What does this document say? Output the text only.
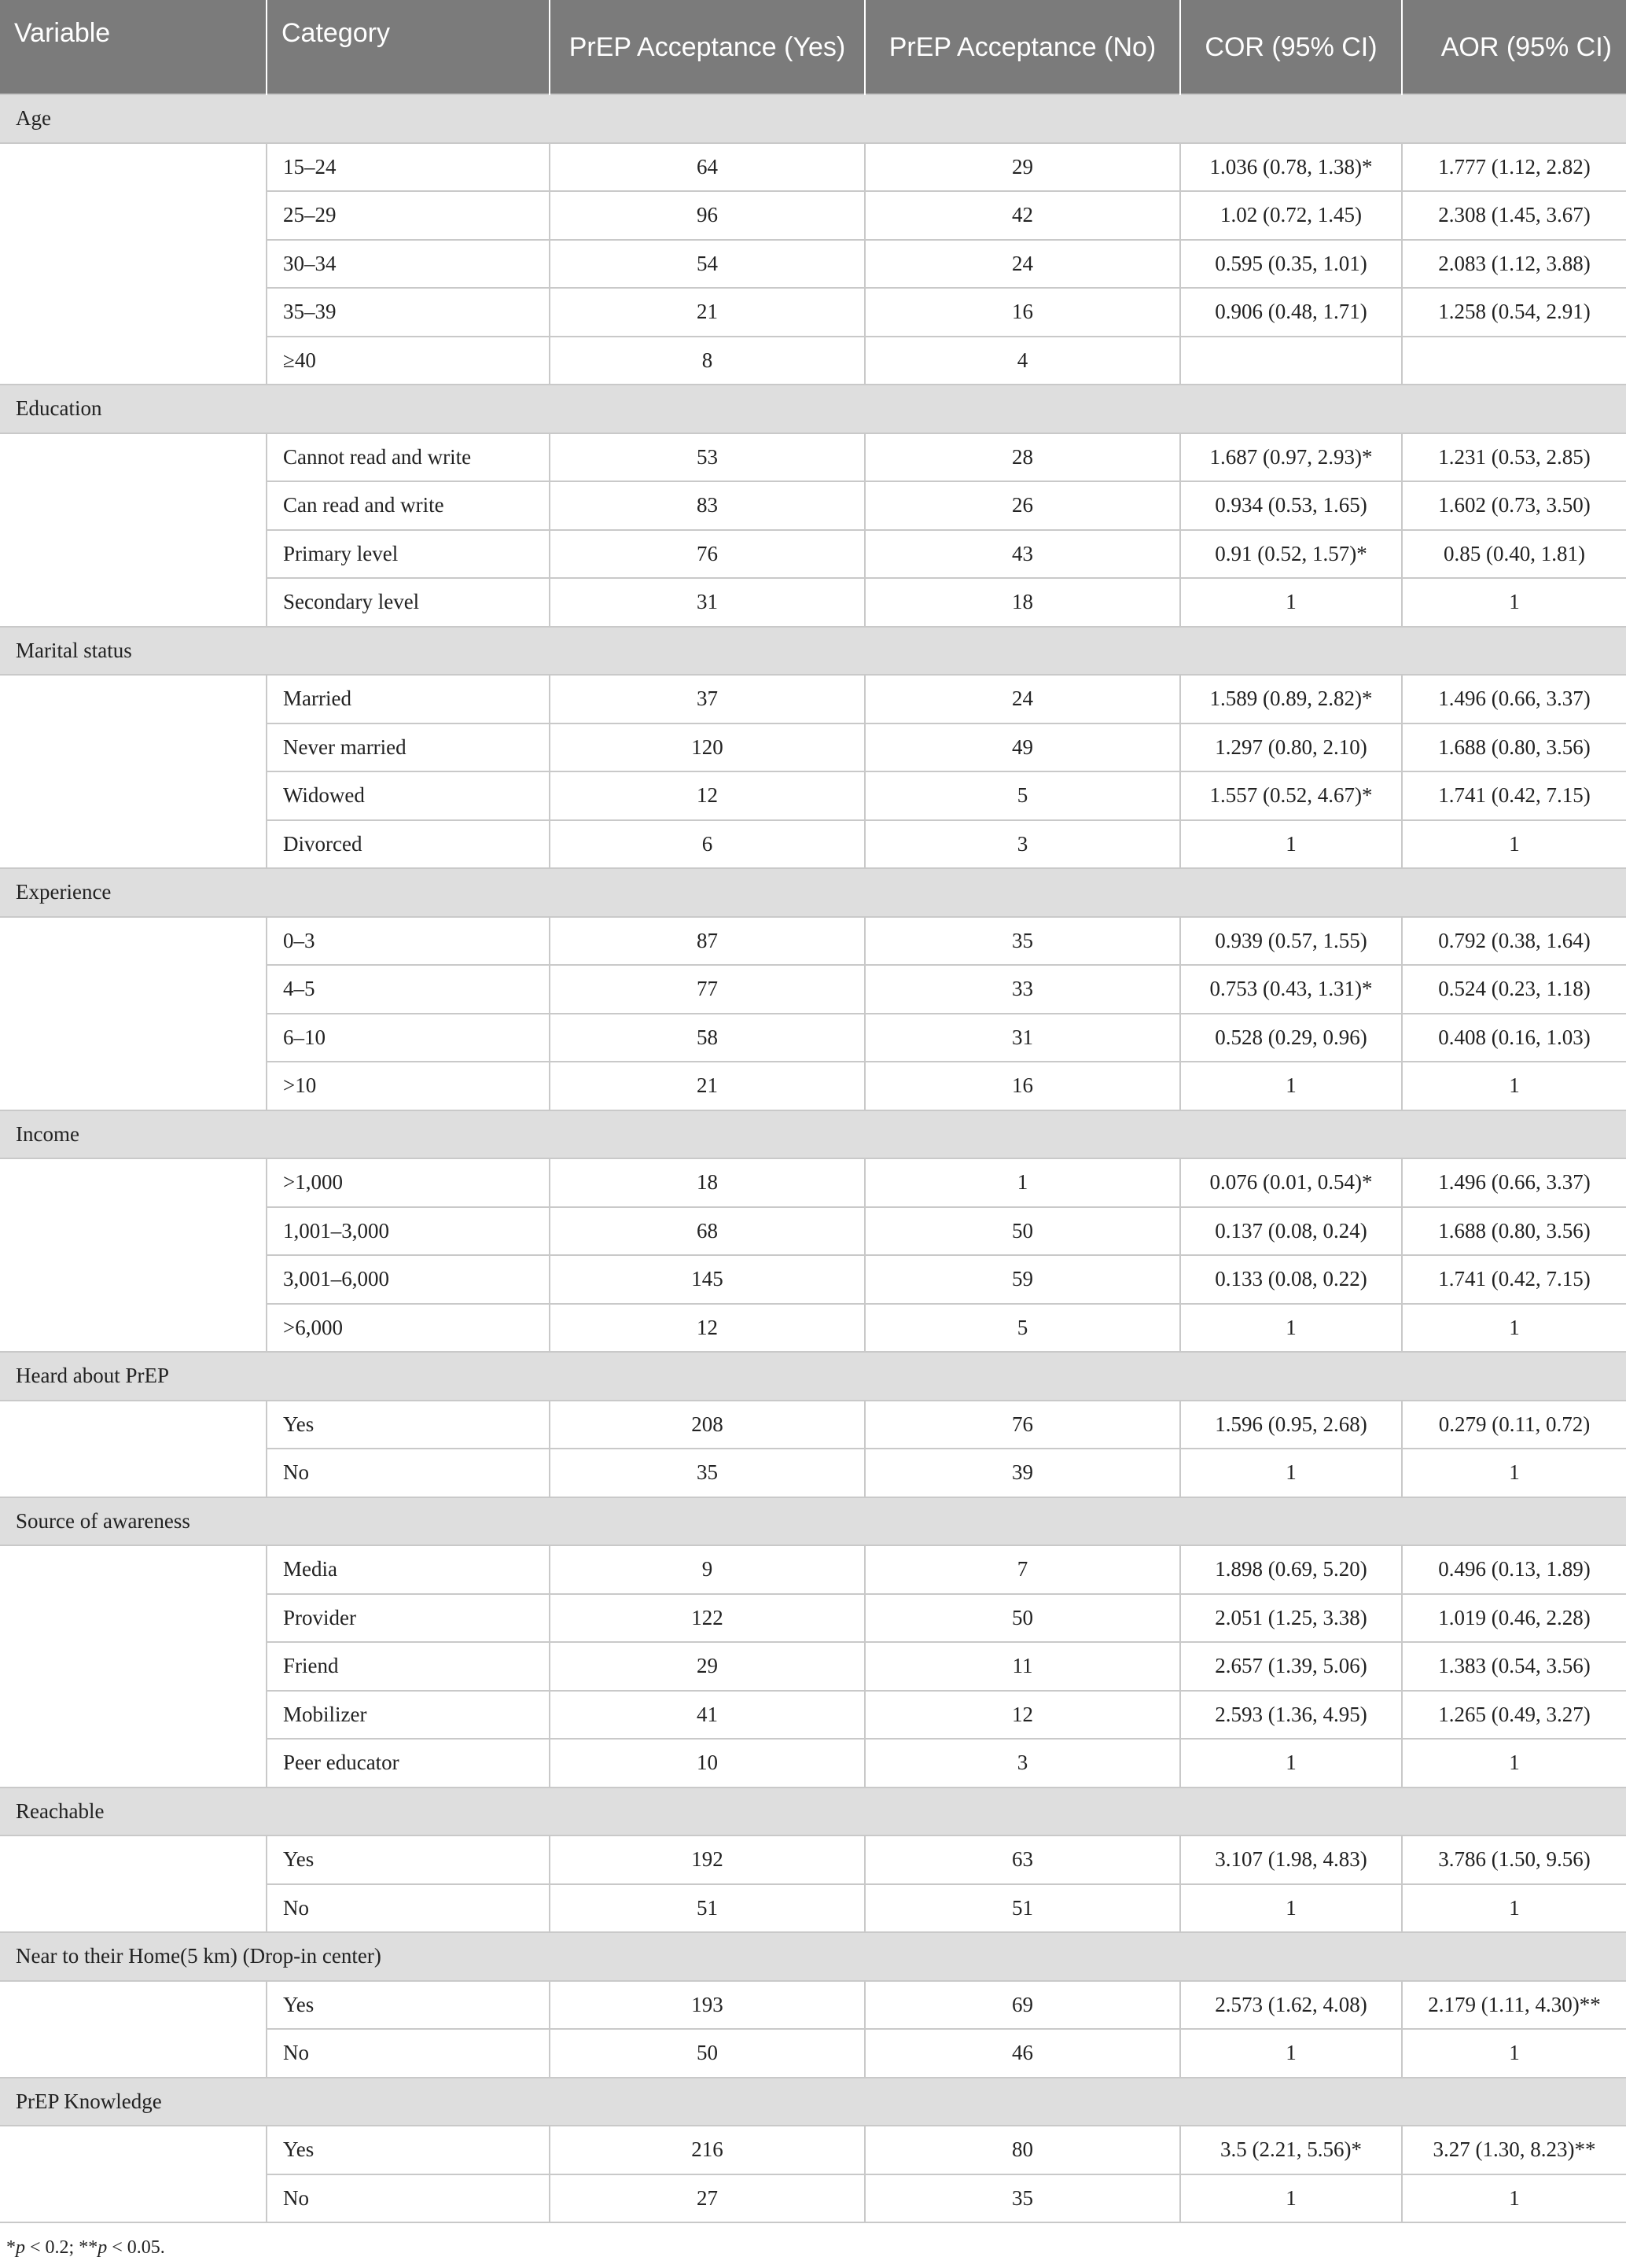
Variable	Category	PrEP Acceptance (Yes)	PrEP Acceptance (No)	COR (95% CI)	AOR (95% CI)
Age					
	15–24	64	29	1.036 (0.78, 1.38)*	1.777 (1.12, 2.82)
	25–29	96	42	1.02 (0.72, 1.45)	2.308 (1.45, 3.67)
	30–34	54	24	0.595 (0.35, 1.01)	2.083 (1.12, 3.88)
	35–39	21	16	0.906 (0.48, 1.71)	1.258 (0.54, 2.91)
	≥40	8	4		
Education					
	Cannot read and write	53	28	1.687 (0.97, 2.93)*	1.231 (0.53, 2.85)
	Can read and write	83	26	0.934 (0.53, 1.65)	1.602 (0.73, 3.50)
	Primary level	76	43	0.91 (0.52, 1.57)*	0.85 (0.40, 1.81)
	Secondary level	31	18	1	1
Marital status					
	Married	37	24	1.589 (0.89, 2.82)*	1.496 (0.66, 3.37)
	Never married	120	49	1.297 (0.80, 2.10)	1.688 (0.80, 3.56)
	Widowed	12	5	1.557 (0.52, 4.67)*	1.741 (0.42, 7.15)
	Divorced	6	3	1	1
Experience					
	0–3	87	35	0.939 (0.57, 1.55)	0.792 (0.38, 1.64)
	4–5	77	33	0.753 (0.43, 1.31)*	0.524 (0.23, 1.18)
	6–10	58	31	0.528 (0.29, 0.96)	0.408 (0.16, 1.03)
	>10	21	16	1	1
Income					
	>1,000	18	1	0.076 (0.01, 0.54)*	1.496 (0.66, 3.37)
	1,001–3,000	68	50	0.137 (0.08, 0.24)	1.688 (0.80, 3.56)
	3,001–6,000	145	59	0.133 (0.08, 0.22)	1.741 (0.42, 7.15)
	>6,000	12	5	1	1
Heard about PrEP					
	Yes	208	76	1.596 (0.95, 2.68)	0.279 (0.11, 0.72)
	No	35	39	1	1
Source of awareness					
	Media	9	7	1.898 (0.69, 5.20)	0.496 (0.13, 1.89)
	Provider	122	50	2.051 (1.25, 3.38)	1.019 (0.46, 2.28)
	Friend	29	11	2.657 (1.39, 5.06)	1.383 (0.54, 3.56)
	Mobilizer	41	12	2.593 (1.36, 4.95)	1.265 (0.49, 3.27)
	Peer educator	10	3	1	1
Reachable					
	Yes	192	63	3.107 (1.98, 4.83)	3.786 (1.50, 9.56)
	No	51	51	1	1
Near to their Home(5 km) (Drop-in center)					
	Yes	193	69	2.573 (1.62, 4.08)	2.179 (1.11, 4.30)**
	No	50	46	1	1
PrEP Knowledge					
	Yes	216	80	3.5 (2.21, 5.56)*	3.27 (1.30, 8.23)**
	No	27	35	1	1
*p < 0.2; **p < 0.05.
